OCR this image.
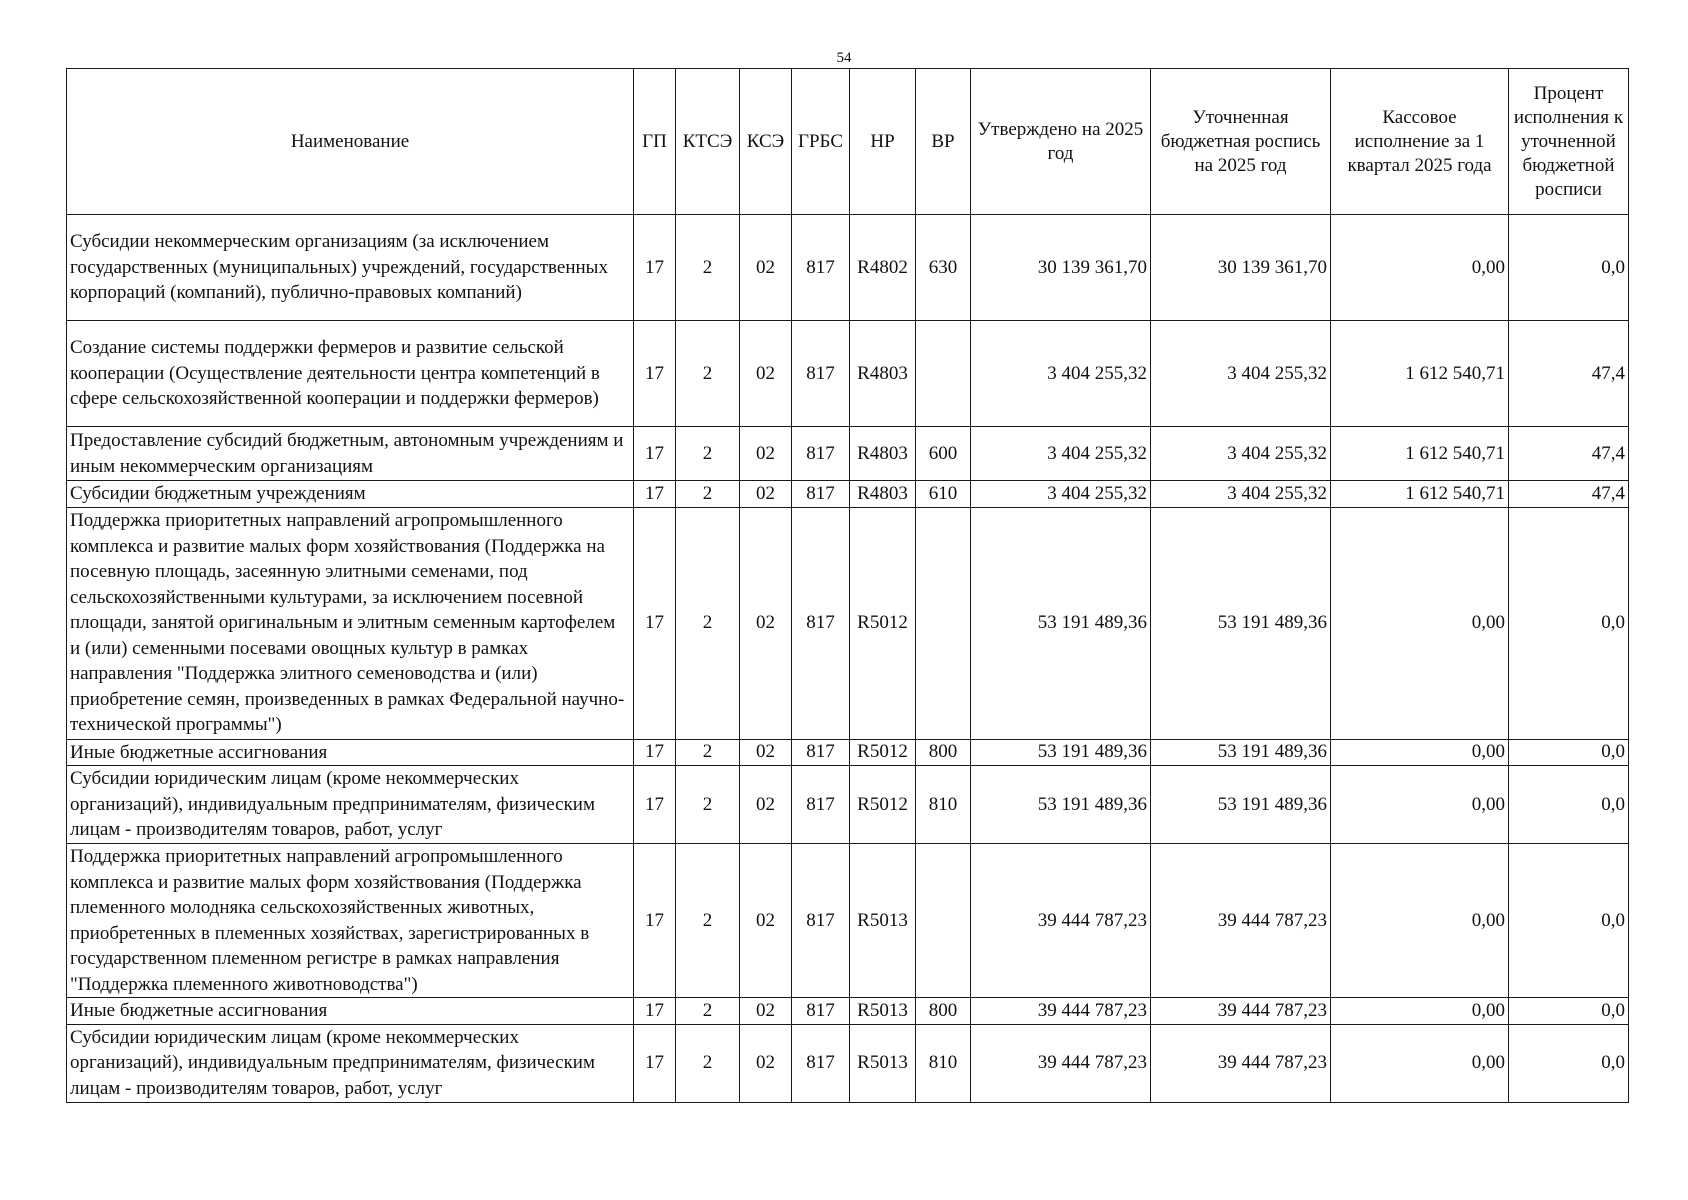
54
Наименование	ГП	КТСЭ	КСЭ	ГРБС	НР	ВР	Утверждено на 2025 год	Уточненная бюджетная роспись на 2025 год	Кассовое исполнение за 1 квартал 2025 года	Процент исполнения к уточненной бюджетной росписи
Субсидии некоммерческим организациям (за исключением государственных (муниципальных) учреждений, государственных корпораций (компаний), публично-правовых компаний)	17	2	02	817	R4802	630	30 139 361,70	30 139 361,70	0,00	0,0
Создание системы поддержки фермеров и развитие сельской кооперации (Осуществление деятельности центра компетенций в сфере сельскохозяйственной кооперации и поддержки фермеров)	17	2	02	817	R4803		3 404 255,32	3 404 255,32	1 612 540,71	47,4
Предоставление субсидий бюджетным, автономным учреждениям и иным некоммерческим организациям	17	2	02	817	R4803	600	3 404 255,32	3 404 255,32	1 612 540,71	47,4
Субсидии бюджетным учреждениям	17	2	02	817	R4803	610	3 404 255,32	3 404 255,32	1 612 540,71	47,4
Поддержка приоритетных направлений агропромышленного комплекса и развитие малых форм хозяйствования (Поддержка на посевную площадь, засеянную элитными семенами, под сельскохозяйственными культурами, за исключением посевной площади, занятой оригинальным и элитным семенным картофелем и (или) семенными посевами овощных культур в рамках направления "Поддержка элитного семеноводства и (или) приобретение семян, произведенных в рамках Федеральной научно-технической программы")	17	2	02	817	R5012		53 191 489,36	53 191 489,36	0,00	0,0
Иные бюджетные ассигнования	17	2	02	817	R5012	800	53 191 489,36	53 191 489,36	0,00	0,0
Субсидии юридическим лицам (кроме некоммерческих организаций), индивидуальным предпринимателям, физическим лицам - производителям товаров, работ, услуг	17	2	02	817	R5012	810	53 191 489,36	53 191 489,36	0,00	0,0
Поддержка приоритетных направлений агропромышленного комплекса и развитие малых форм хозяйствования (Поддержка племенного молодняка сельскохозяйственных животных, приобретенных в племенных хозяйствах, зарегистрированных в государственном племенном регистре в рамках направления "Поддержка племенного животноводства")	17	2	02	817	R5013		39 444 787,23	39 444 787,23	0,00	0,0
Иные бюджетные ассигнования	17	2	02	817	R5013	800	39 444 787,23	39 444 787,23	0,00	0,0
Субсидии юридическим лицам (кроме некоммерческих организаций), индивидуальным предпринимателям, физическим лицам - производителям товаров, работ, услуг	17	2	02	817	R5013	810	39 444 787,23	39 444 787,23	0,00	0,0
